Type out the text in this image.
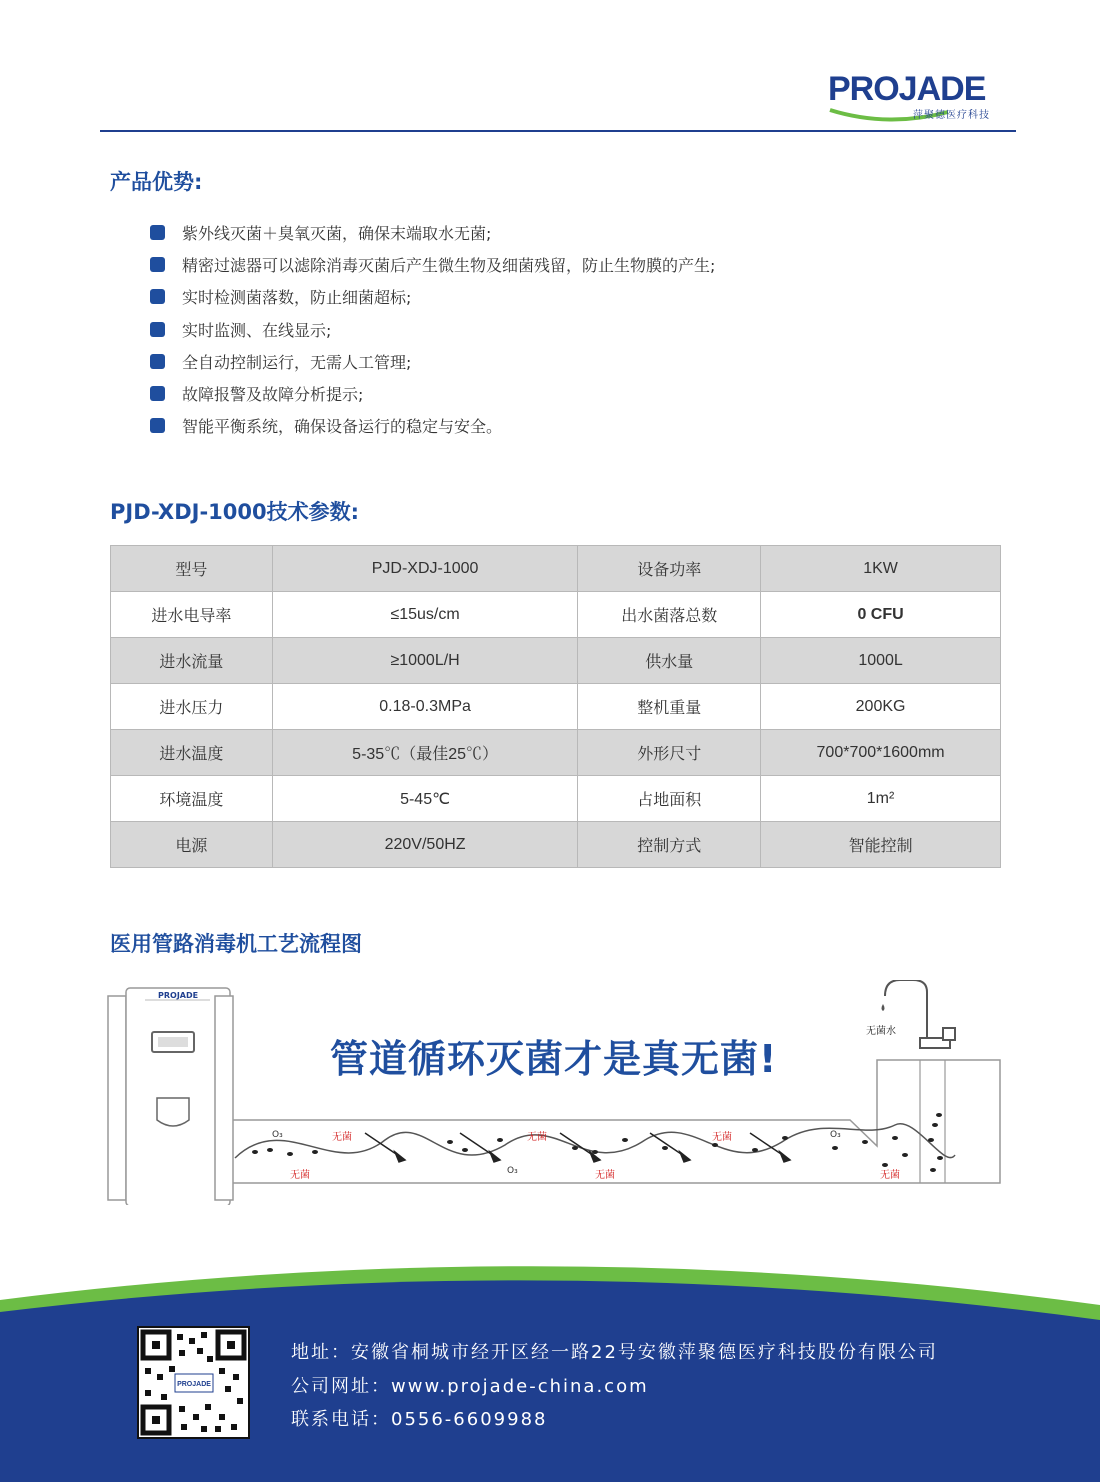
PROJADE
萍聚德医疗科技
产品优势:
紫外线灭菌＋臭氧灭菌，确保末端取水无菌;
精密过滤器可以滤除消毒灭菌后产生微生物及细菌残留，防止生物膜的产生;
实时检测菌落数，防止细菌超标;
实时监测、在线显示;
全自动控制运行，无需人工管理;
故障报警及故障分析提示;
智能平衡系统，确保设备运行的稳定与安全。
PJD-XDJ-1000技术参数:
型号	PJD-XDJ-1000	设备功率	1KW
进水电导率	≤15us/cm	出水菌落总数	0 CFU
进水流量	≥1000L/H	供水量	1000L
进水压力	0.18-0.3MPa	整机重量	200KG
进水温度	5-35℃（最佳25℃）	外形尺寸	700*700*1600mm
环境温度	5-45℃	占地面积	1m²
电源	220V/50HZ	控制方式	智能控制
医用管路消毒机工艺流程图
管道循环灭菌才是真无菌!
无菌水
无菌	无菌	无菌
无菌	无菌	无菌
O₃
O₃
O₃
PROJADE
PROJADE
地址：安徽省桐城市经开区经一路22号安徽萍聚德医疗科技股份有限公司
公司网址：www.projade-china.com
联系电话：0556-6609988
